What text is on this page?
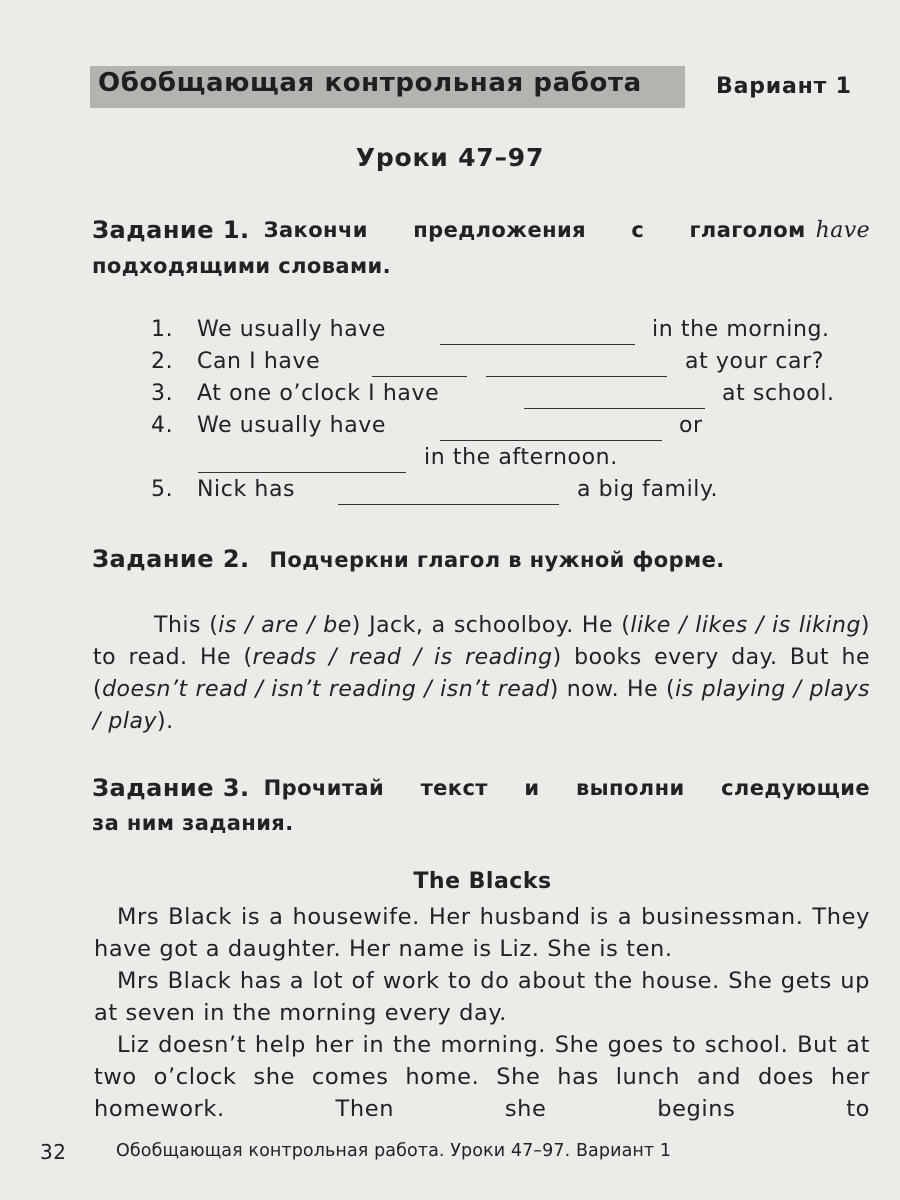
Обобщающая контрольная работа	Вариант 1
Уроки 47–97
Задание 1. Закончи предложения с глаголом have
подходящими словами.
1. We usually have	in the morning.
2. Can I have	at your car?
3. At one o’clock I have	at school.
4. We usually have	or
in the afternoon.
5. Nick has	a big family.
Задание 2. Подчеркни глагол в нужной форме.
This (is / are / be) Jack, a schoolboy. He (like / likes / is liking) to read. He (reads / read / is reading) books every day. But he (doesn’t read / isn’t reading / isn’t read) now. He (is playing / plays / play).
Задание 3. Прочитай текст и выполни следующие
за ним задания.
The Blacks

Mrs Black is a housewife. Her husband is a businessman. They have got a daughter. Her name is Liz. She is ten.

Mrs Black has a lot of work to do about the house. She gets up at seven in the morning every day.

Liz doesn’t help her in the morning. She goes to school. But at two o’clock she comes home. She has lunch and does her homework. Then she begins to

32	Обобщающая контрольная работа. Уроки 47–97. Вариант 1
